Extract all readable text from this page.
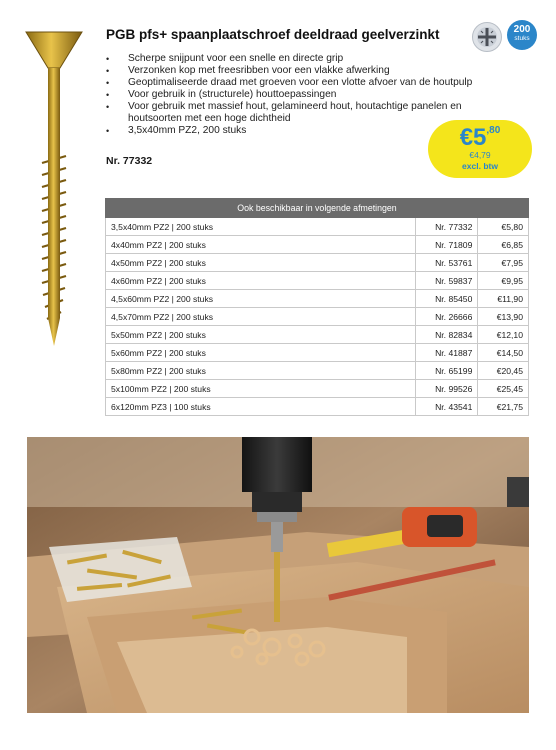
PGB pfs+ spaanplaatschroef deeldraad geelverzinkt	200
stuks
• Scherpe snijpunt voor een snelle en directe grip
• Verzonken kop met freesribben voor een vlakke afwerking
• Geoptimaliseerde draad met groeven voor een vlotte afvoer van de houtpulp
• Voor gebruik in (structurele) houttoepassingen
• Voor gebruik met massief hout, gelamineerd hout, houtachtige panelen en houtsoorten met een hoge dichtheid
• 3,5x40mm PZ2, 200 stuks
Nr. 77332
$€5^{,80}$
€4,79
excl. btw
Ook beschikbaar in volgende afmetingen		
3,5x40mm PZ2 | 200 stuks	Nr. 77332	€5,80
4x40mm PZ2 | 200 stuks	Nr. 71809	€6,85
4x50mm PZ2 | 200 stuks	Nr. 53761	€7,95
4x60mm PZ2 | 200 stuks	Nr. 59837	€9,95
4,5x60mm PZ2 | 200 stuks	Nr. 85450	€11,90
4,5x70mm PZ2 | 200 stuks	Nr. 26666	€13,90
5x50mm PZ2 | 200 stuks	Nr. 82834	€12,10
5x60mm PZ2 | 200 stuks	Nr. 41887	€14,50
5x80mm PZ2 | 200 stuks	Nr. 65199	€20,45
5x100mm PZ2 | 200 stuks	Nr. 99526	€25,45
6x120mm PZ3 | 100 stuks	Nr. 43541	€21,75
